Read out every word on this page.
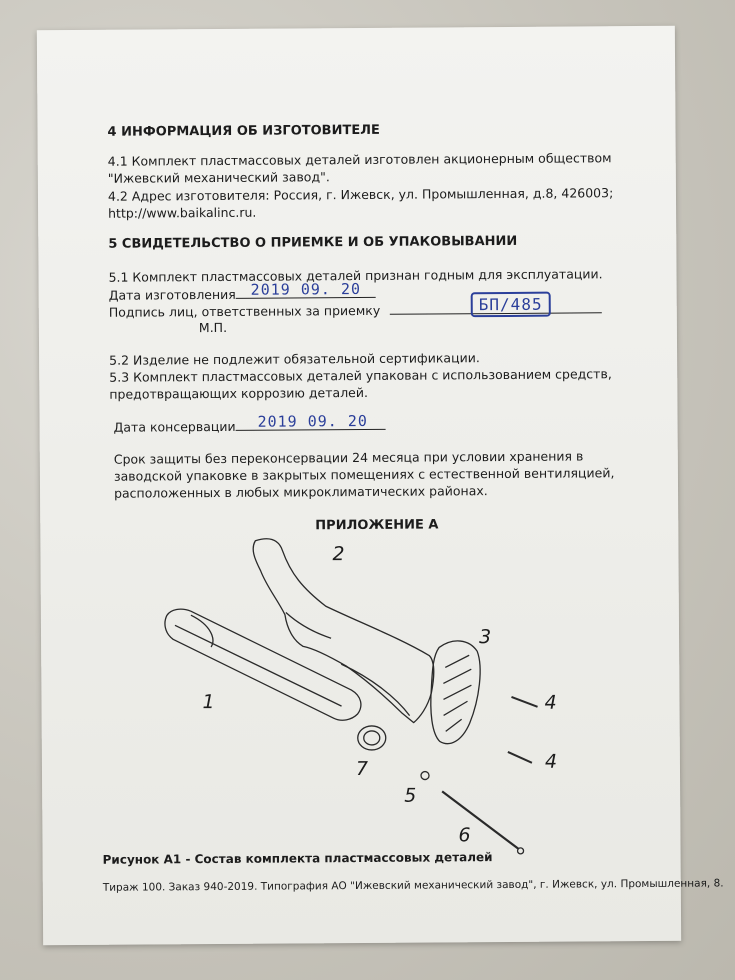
4 ИНФОРМАЦИЯ ОБ ИЗГОТОВИТЕЛЕ
4.1 Комплект пластмассовых деталей изготовлен акционерным обществом
"Ижевский механический завод".
4.2 Адрес изготовителя: Россия, г. Ижевск, ул. Промышленная, д.8, 426003;
http://www.baikalinc.ru.
5 СВИДЕТЕЛЬСТВО О ПРИЕМКЕ И ОБ УПАКОВЫВАНИИ
5.1 Комплект пластмассовых деталей признан годным для эксплуатации.
Дата изготовления 2019 09. 20
Подпись лиц, ответственных за приемку	БП/485
М.П.
5.2 Изделие не подлежит обязательной сертификации.
5.3 Комплект пластмассовых деталей упакован с использованием средств,
предотвращающих коррозию деталей.
Дата консервации	2019 09. 20
Срок защиты без переконсервации 24 месяца при условии хранения в
заводской упаковке в закрытых помещениях с естественной вентиляцией,
расположенных в любых микроклиматических районах.
ПРИЛОЖЕНИЕ А
1
2
3
4
4
5
6
7
Рисунок А1 - Состав комплекта пластмассовых деталей
Тираж 100. Заказ 940-2019. Типография АО "Ижевский механический завод", г. Ижевск, ул. Промышленная, 8.
